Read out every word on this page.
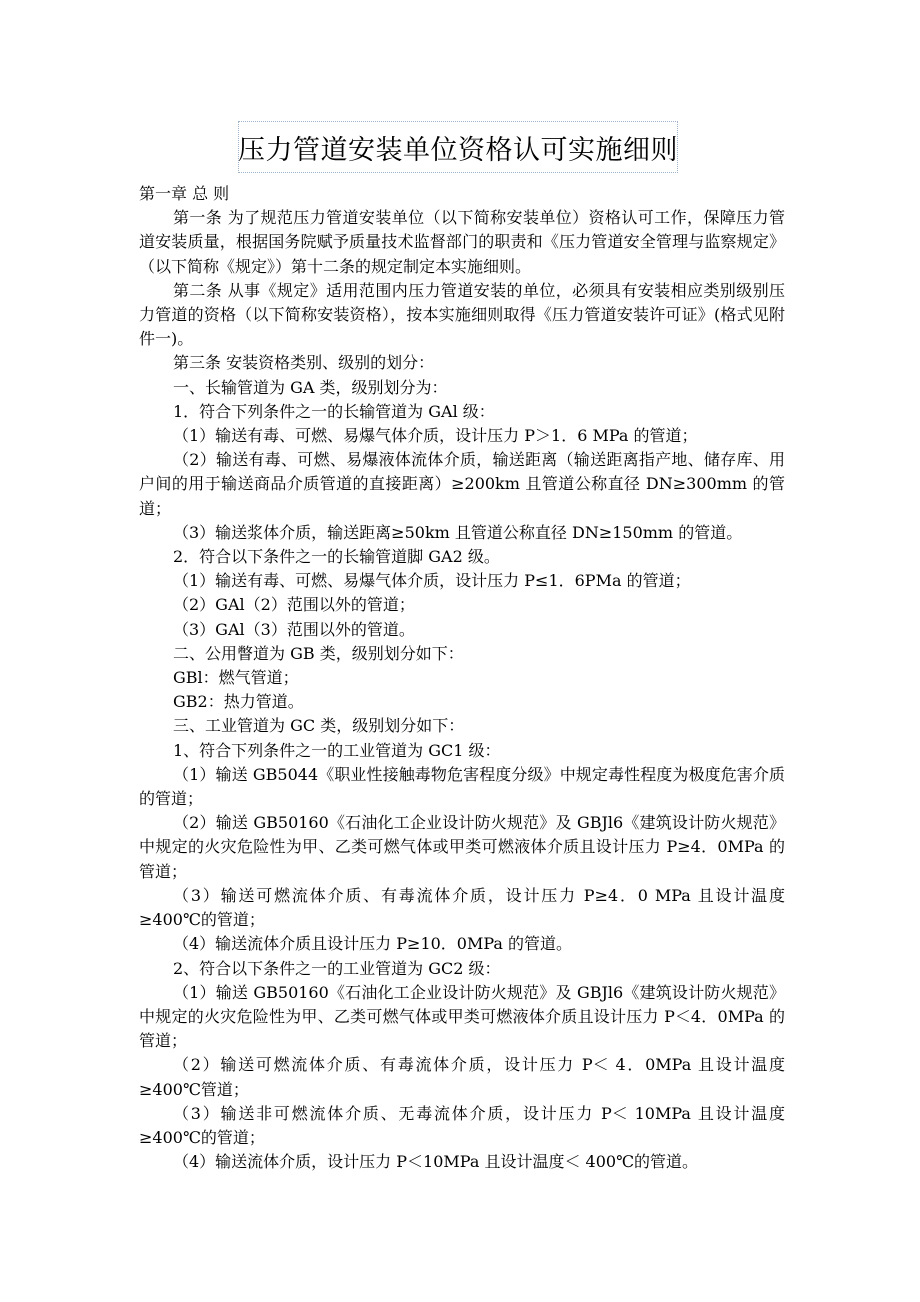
压力管道安装单位资格认可实施细则

第一章 总 则

第一条 为了规范压力管道安装单位（以下简称安装单位）资格认可工作，保障压力管道安装质量，根据国务院赋予质量技术监督部门的职责和《压力管道安全管理与监察规定》（以下简称《规定》）第十二条的规定制定本实施细则。

第二条 从事《规定》适用范围内压力管道安装的单位，必须具有安装相应类别级别压力管道的资格（以下简称安装资格），按本实施细则取得《压力管道安装许可证》(格式见附件一)。

第三条 安装资格类别、级别的划分：

一、长输管道为 GA 类，级别划分为：

1．符合下列条件之一的长输管道为 GAl 级：

（1）输送有毒、可燃、易爆气体介质，设计压力 P＞1．6 MPa 的管道；

（2）输送有毒、可燃、易爆液体流体介质，输送距离（输送距离指产地、储存库、用户间的用于输送商品介质管道的直接距离）≥200km 且管道公称直径 DN≥300mm 的管道；

（3）输送浆体介质，输送距离≥50km 且管道公称直径 DN≥150mm 的管道。

2．符合以下条件之一的长输管道脚 GA2 级。

（1）输送有毒、可燃、易爆气体介质，设计压力 P≤1．6PMa 的管道；

（2）GAl（2）范围以外的管道；

（3）GAl（3）范围以外的管道。

二、公用瞥道为 GB 类，级别划分如下：

GBl：燃气管道；

GB2：热力管道。

三、工业管道为 GC 类，级别划分如下：

1、符合下列条件之一的工业管道为 GC1 级：

（1）输送 GB5044《职业性接触毒物危害程度分级》中规定毒性程度为极度危害介质的管道；

（2）输送 GB50160《石油化工企业设计防火规范》及 GBJl6《建筑设计防火规范》中规定的火灾危险性为甲、乙类可燃气体或甲类可燃液体介质且设计压力 P≥4．0MPa 的管道；

（3）输送可燃流体介质、有毒流体介质，设计压力 P≥4．0 MPa 且设计温度≥400℃的管道；

（4）输送流体介质且设计压力 P≥10．0MPa 的管道。

2、符合以下条件之一的工业管道为 GC2 级：

（1）输送 GB50160《石油化工企业设计防火规范》及 GBJl6《建筑设计防火规范》中规定的火灾危险性为甲、乙类可燃气体或甲类可燃液体介质且设计压力 P＜4．0MPa 的管道；

（2）输送可燃流体介质、有毒流体介质，设计压力 P＜ 4．0MPa 且设计温度≥400℃管道；

（3）输送非可燃流体介质、无毒流体介质，设计压力 P＜ 10MPa 且设计温度≥400℃的管道；

（4）输送流体介质，设计压力 P＜10MPa 且设计温度＜ 400℃的管道。
